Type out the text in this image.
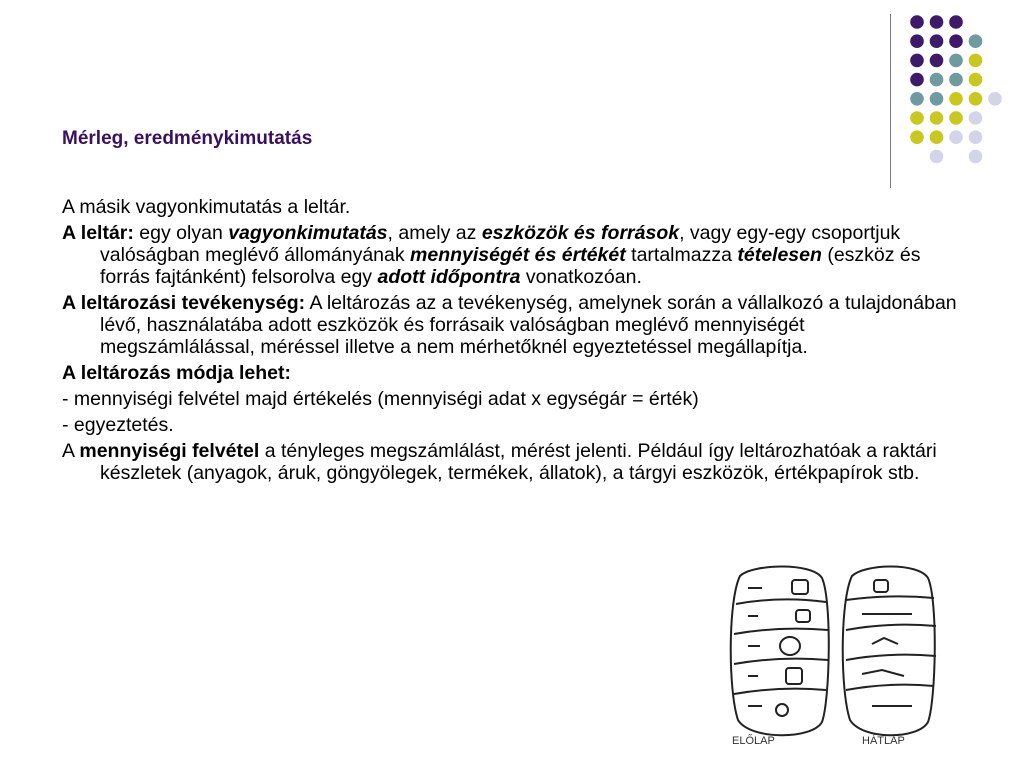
Mérleg, eredménykimutatás

A másik vagyonkimutatás a leltár.

A leltár: egy olyan vagyonkimutatás, amely az eszközök és források, vagy egy-egy csoportjuk valóságban meglévő állományának mennyiségét és értékét tartalmazza tételesen (eszköz és forrás fajtánként) felsorolva egy adott időpontra vonatkozóan.

A leltározási tevékenység: A leltározás az a tevékenység, amelynek során a vállalkozó a tulajdonában lévő, használatába adott eszközök és forrásaik valóságban meglévő mennyiségét megszámlálással, méréssel illetve a nem mérhetőknél egyeztetéssel megállapítja.

A leltározás módja lehet:

- mennyiségi felvétel majd értékelés (mennyiségi adat x egységár = érték)

- egyeztetés.

A mennyiségi felvétel a tényleges megszámlálást, mérést jelenti. Például így leltározhatóak a raktári készletek (anyagok, áruk, göngyölegek, termékek, állatok), a tárgyi eszközök, értékpapírok stb.

ELŐLAP	HÁTLAP
